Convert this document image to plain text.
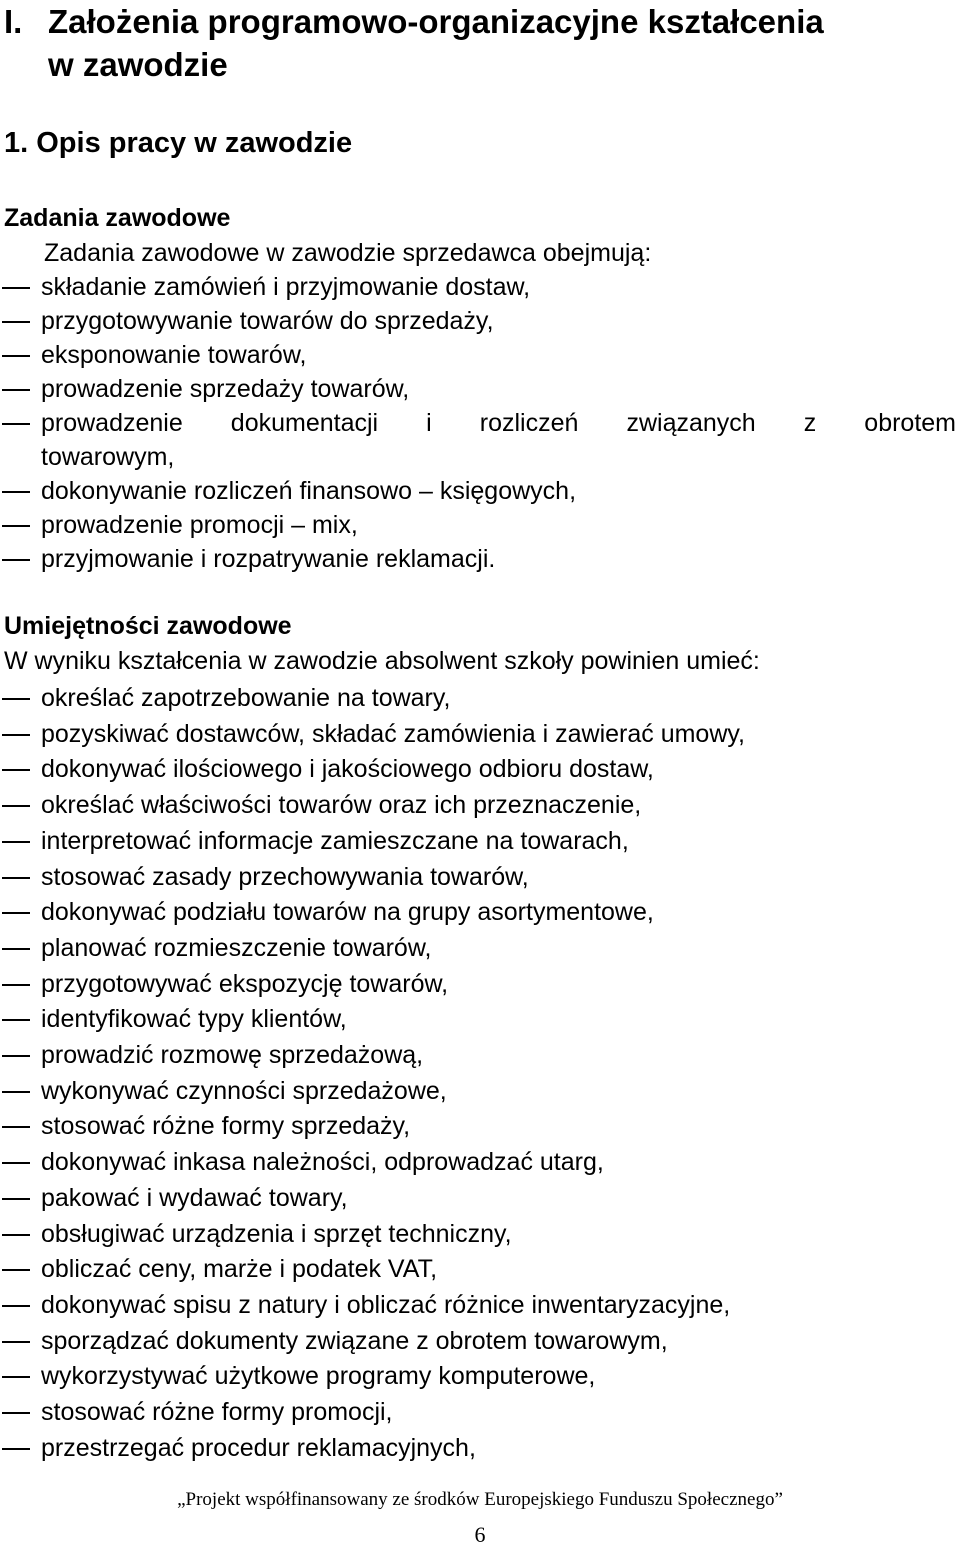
I. Założenia programowo-organizacyjne kształcenia
w zawodzie
1. Opis pracy w zawodzie
Zadania zawodowe
Zadania zawodowe w zawodzie sprzedawca obejmują:
składanie zamówień i przyjmowanie dostaw,
przygotowywanie towarów do sprzedaży,
eksponowanie towarów,
prowadzenie sprzedaży towarów,
prowadzenie dokumentacji i rozliczeń związanych z obrotem
towarowym,
dokonywanie rozliczeń finansowo – księgowych,
prowadzenie promocji – mix,
przyjmowanie i rozpatrywanie reklamacji.
Umiejętności zawodowe
W wyniku kształcenia w zawodzie absolwent szkoły powinien umieć:
określać zapotrzebowanie na towary,
pozyskiwać dostawców, składać zamówienia i zawierać umowy,
dokonywać ilościowego i jakościowego odbioru dostaw,
określać właściwości towarów oraz ich przeznaczenie,
interpretować informacje zamieszczane na towarach,
stosować zasady przechowywania towarów,
dokonywać podziału towarów na grupy asortymentowe,
planować rozmieszczenie towarów,
przygotowywać ekspozycję towarów,
identyfikować typy klientów,
prowadzić rozmowę sprzedażową,
wykonywać czynności sprzedażowe,
stosować różne formy sprzedaży,
dokonywać inkasa należności, odprowadzać utarg,
pakować i wydawać towary,
obsługiwać urządzenia i sprzęt techniczny,
obliczać ceny, marże i podatek VAT,
dokonywać spisu z natury i obliczać różnice inwentaryzacyjne,
sporządzać dokumenty związane z obrotem towarowym,
wykorzystywać użytkowe programy komputerowe,
stosować różne formy promocji,
przestrzegać procedur reklamacyjnych,
„Projekt współfinansowany ze środków Europejskiego Funduszu Społecznego”
6
